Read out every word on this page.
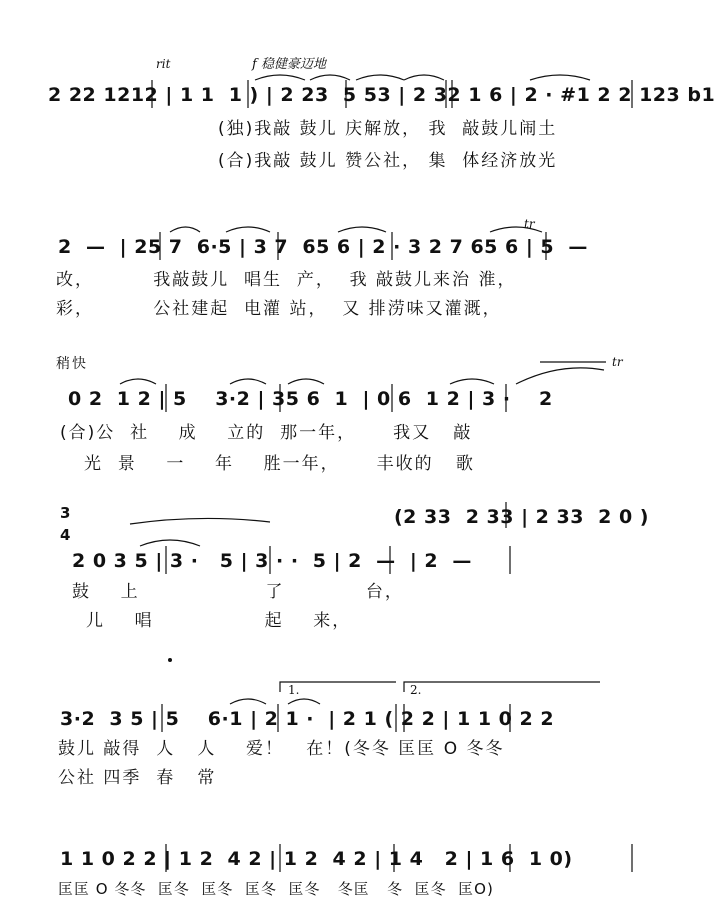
rit	f 稳健豪迈地
2 22 1212 | 1 1  1 ) | 2 23  5 53 | 2 32 1 6 | 2 · #1 2 2 123 b1
(独)我敲 鼓儿 庆解放， 我  敲鼓儿闹土
(合)我敲 鼓儿 赞公社， 集  体经济放光
tr
2  —  | 25 7  6·5 | 3 7  65 6 | 2 · 3 2 7 65 6 | 5  —
改，        我敲鼓儿  唱生  产，  我 敲鼓儿来治 淮，
彩，        公社建起  电灌 站，  又 排涝味又灌溉，
稍快	tr
0 2  1 2 | 5    3·2 | 35 6  1  | 0 6  1 2 | 3 ·    2
(合)公  社    成    立的  那一年，     我又   敲
光  景    一    年    胜一年，     丰收的   歌
3
4
(2 33  2 33 | 2 33  2 0 )
2 0 3 5 | 3 ·   5 | 3 · ·  5 | 2  —  | 2  —
鼓    上                 了           台，
儿    唱               起    来，
1.	2.
3·2  3 5 | 5    6·1 | 2 1 ·  | 2 1 ( 2 2 | 1 1 0 2 2
鼓儿 敲得  人   人    爱！   在！(冬冬 匡匡 O 冬冬
公社 四季  春   常
1 1 0 2 2 | 1 2  4 2 | 1 2  4 2 | 1 4   2 | 1 6  1 0)
匡匡 O 冬冬  匡冬  匡冬  匡冬  匡冬   冬匡   冬  匡冬  匡O)
